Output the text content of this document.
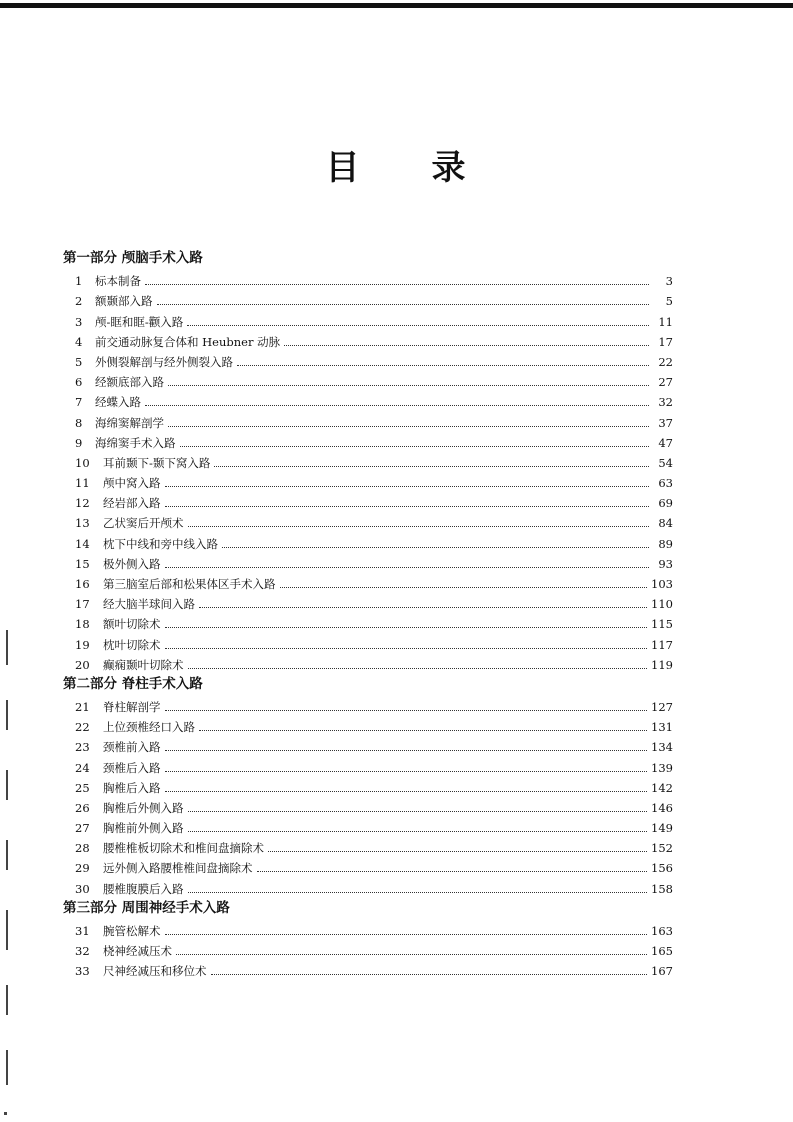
目 录
第一部分 颅脑手术入路
1	标本制备	3
2	额颞部入路	5
3	颅-眶和眶-颧入路	11
4	前交通动脉复合体和 Heubner 动脉	17
5	外侧裂解剖与经外侧裂入路	22
6	经额底部入路	27
7	经蝶入路	32
8	海绵窦解剖学	37
9	海绵窦手术入路	47
10	耳前颞下-颞下窝入路	54
11	颅中窝入路	63
12	经岩部入路	69
13	乙状窦后开颅术	84
14	枕下中线和旁中线入路	89
15	极外侧入路	93
16	第三脑室后部和松果体区手术入路	103
17	经大脑半球间入路	110
18	额叶切除术	115
19	枕叶切除术	117
20	癫痫颞叶切除术	119
第二部分 脊柱手术入路
21	脊柱解剖学	127
22	上位颈椎经口入路	131
23	颈椎前入路	134
24	颈椎后入路	139
25	胸椎后入路	142
26	胸椎后外侧入路	146
27	胸椎前外侧入路	149
28	腰椎椎板切除术和椎间盘摘除术	152
29	远外侧入路腰椎椎间盘摘除术	156
30	腰椎腹膜后入路	158
第三部分 周围神经手术入路
31	腕管松解术	163
32	桡神经减压术	165
33	尺神经减压和移位术	167
